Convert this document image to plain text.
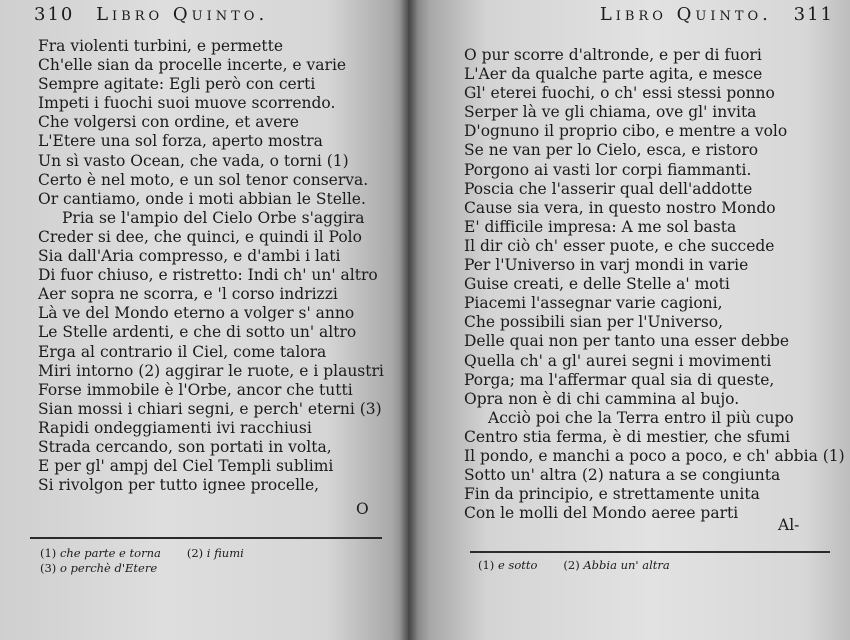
310 Libro Quinto.
Fra violenti turbini, e permette
Ch'elle sian da procelle incerte, e varie
Sempre agitate: Egli però con certi
Impeti i fuochi suoi muove scorrendo.
Che volgersi con ordine, et avere
L'Etere una sol forza, aperto mostra
Un sì vasto Ocean, che vada, o torni (1)
Certo è nel moto, e un sol tenor conserva.
Or cantiamo, onde i moti abbian le Stelle.
Pria se l'ampio del Cielo Orbe s'aggira
Creder si dee, che quinci, e quindi il Polo
Sia dall'Aria compresso, e d'ambi i lati
Di fuor chiuso, e ristretto: Indi ch' un' altro
Aer sopra ne scorra, e 'l corso indrizzi
Là ve del Mondo eterno a volger s' anno
Le Stelle ardenti, e che di sotto un' altro
Erga al contrario il Ciel, come talora
Miri intorno (2) aggirar le ruote, e i plaustri
Forse immobile è l'Orbe, ancor che tutti
Sian mossi i chiari segni, e perch' eterni (3)
Rapidi ondeggiamenti ivi racchiusi
Strada cercando, son portati in volta,
E per gl' ampj del Ciel Templi sublimi
Si rivolgon per tutto ignee procelle,
O
(1) che parte e torna (2) i fiumi
(3) o perchè d'Etere
Libro Quinto. 311
O pur scorre d'altronde, e per di fuori
L'Aer da qualche parte agita, e mesce
Gl' eterei fuochi, o ch' essi stessi ponno
Serper là ve gli chiama, ove gl' invita
D'ognuno il proprio cibo, e mentre a volo
Se ne van per lo Cielo, esca, e ristoro
Porgono ai vasti lor corpi fiammanti.
Poscia che l'asserir qual dell'addotte
Cause sia vera, in questo nostro Mondo
E' difficile impresa: A me sol basta
Il dir ciò ch' esser puote, e che succede
Per l'Universo in varj mondi in varie
Guise creati, e delle Stelle a' moti
Piacemi l'assegnar varie cagioni,
Che possibili sian per l'Universo,
Delle quai non per tanto una esser debbe
Quella ch' a gl' aurei segni i movimenti
Porga; ma l'affermar qual sia di queste,
Opra non è di chi cammina al bujo.
Acciò poi che la Terra entro il più cupo
Centro stia ferma, è di mestier, che sfumi
Il pondo, e manchi a poco a poco, e ch' abbia (1)
Sotto un' altra (2) natura a se congiunta
Fin da principio, e strettamente unita
Con le molli del Mondo aeree parti
Al-
(1) e sotto (2) Abbia un' altra
